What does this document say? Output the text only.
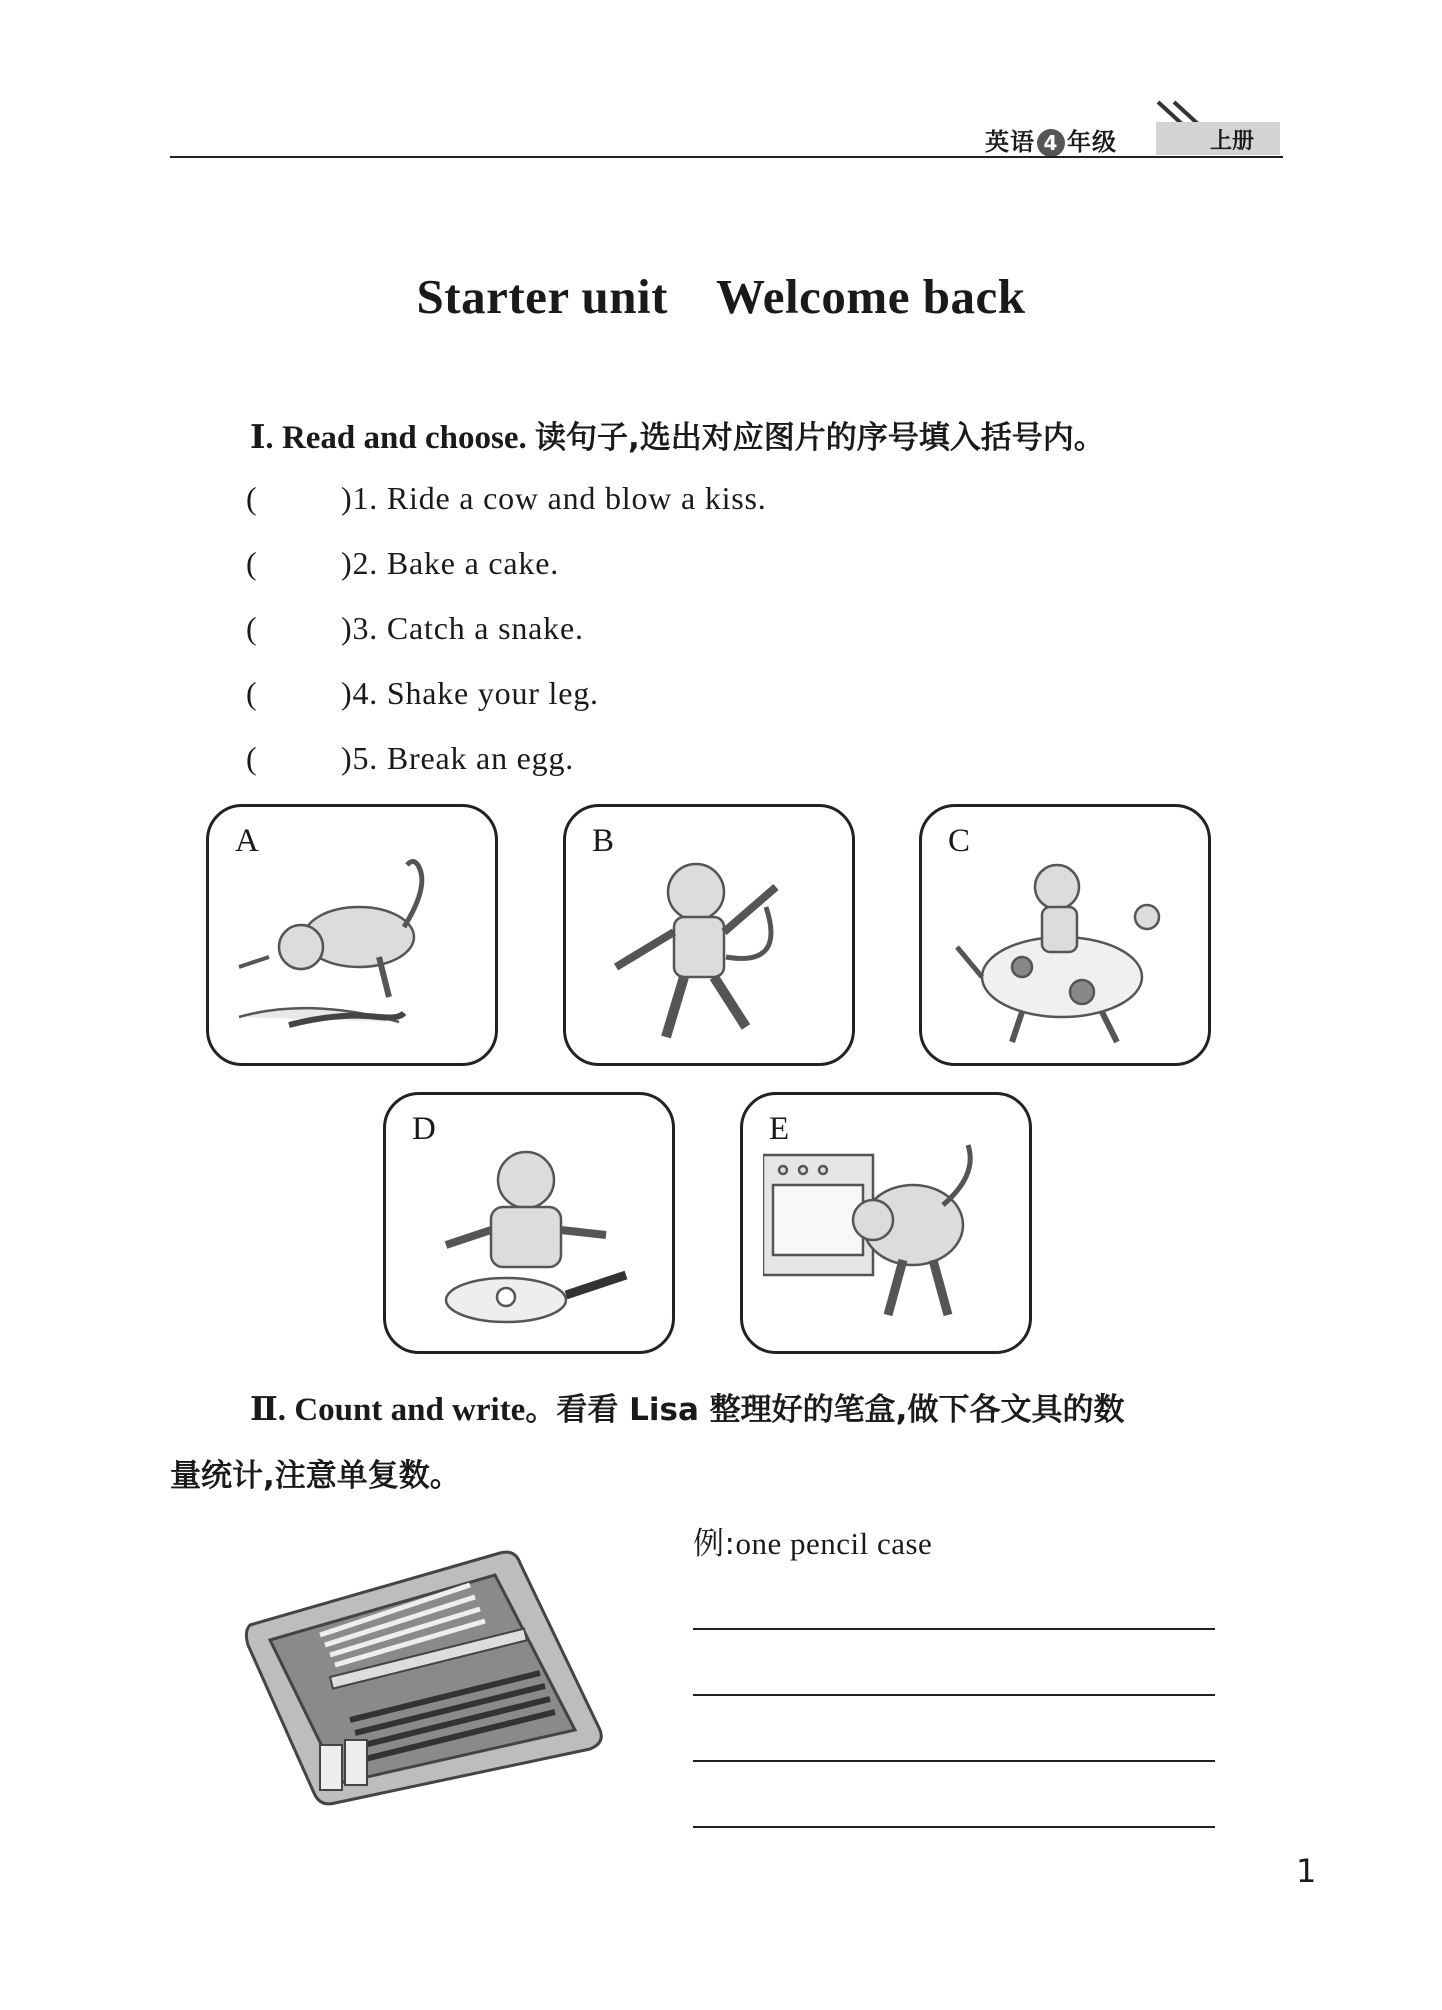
英语 4 年级	上册
Starter unit Welcome back
Ⅰ. Read and choose. 读句子,选出对应图片的序号填入括号内。
(	)1. Ride a cow and blow a kiss.
(	)2. Bake a cake.
(	)3. Catch a snake.
(	)4. Shake your leg.
(	)5. Break an egg.
A	B	C
D	E
Ⅱ. Count and write。看看 Lisa 整理好的笔盒,做下各文具的数
量统计,注意单复数。
例:one pencil case
1
